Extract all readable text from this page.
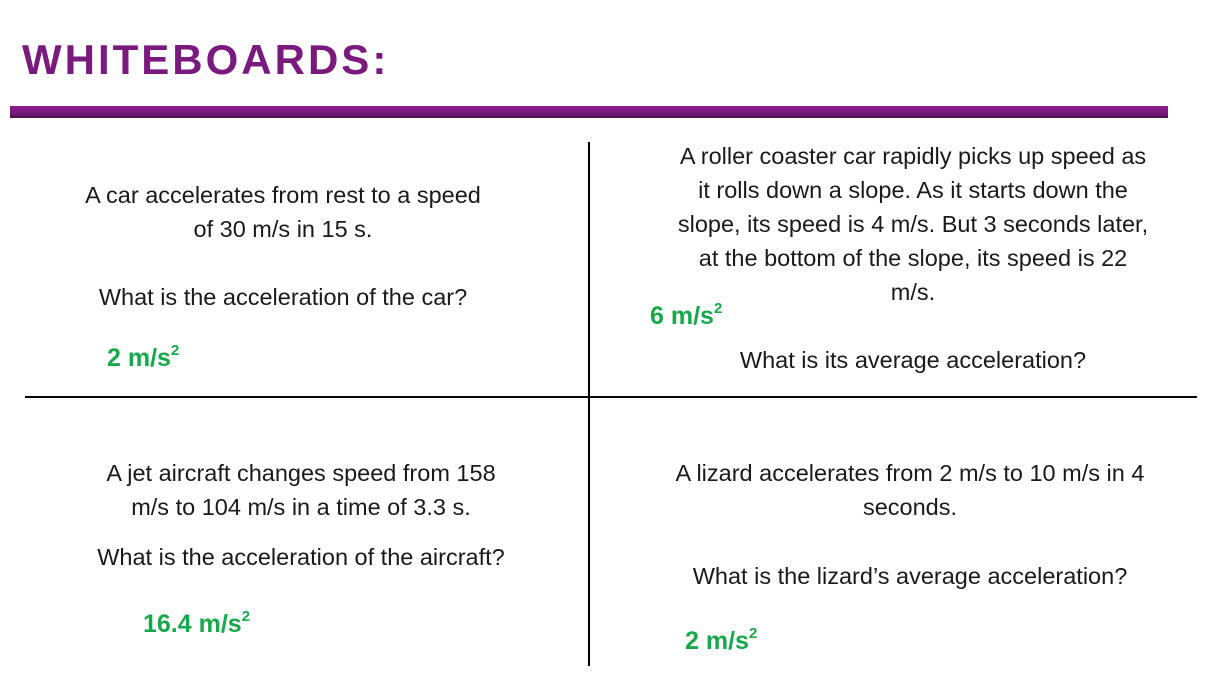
WHITEBOARDS:
A car accelerates from rest to a speed
of 30 m/s in 15 s.
What is the acceleration of the car?
2 $m/s^2$
A roller coaster car rapidly picks up speed as
it rolls down a slope. As it starts down the
slope, its speed is 4 m/s. But 3 seconds later,
at the bottom of the slope, its speed is 22
m/s.
6 $m/s^2$
What is its average acceleration?
A jet aircraft changes speed from 158
m/s to 104 m/s in a time of 3.3 s.
What is the acceleration of the aircraft?
16.4 $m/s^2$
A lizard accelerates from 2 m/s to 10 m/s in 4
seconds.
What is the lizard’s average acceleration?
2 $m/s^2$
